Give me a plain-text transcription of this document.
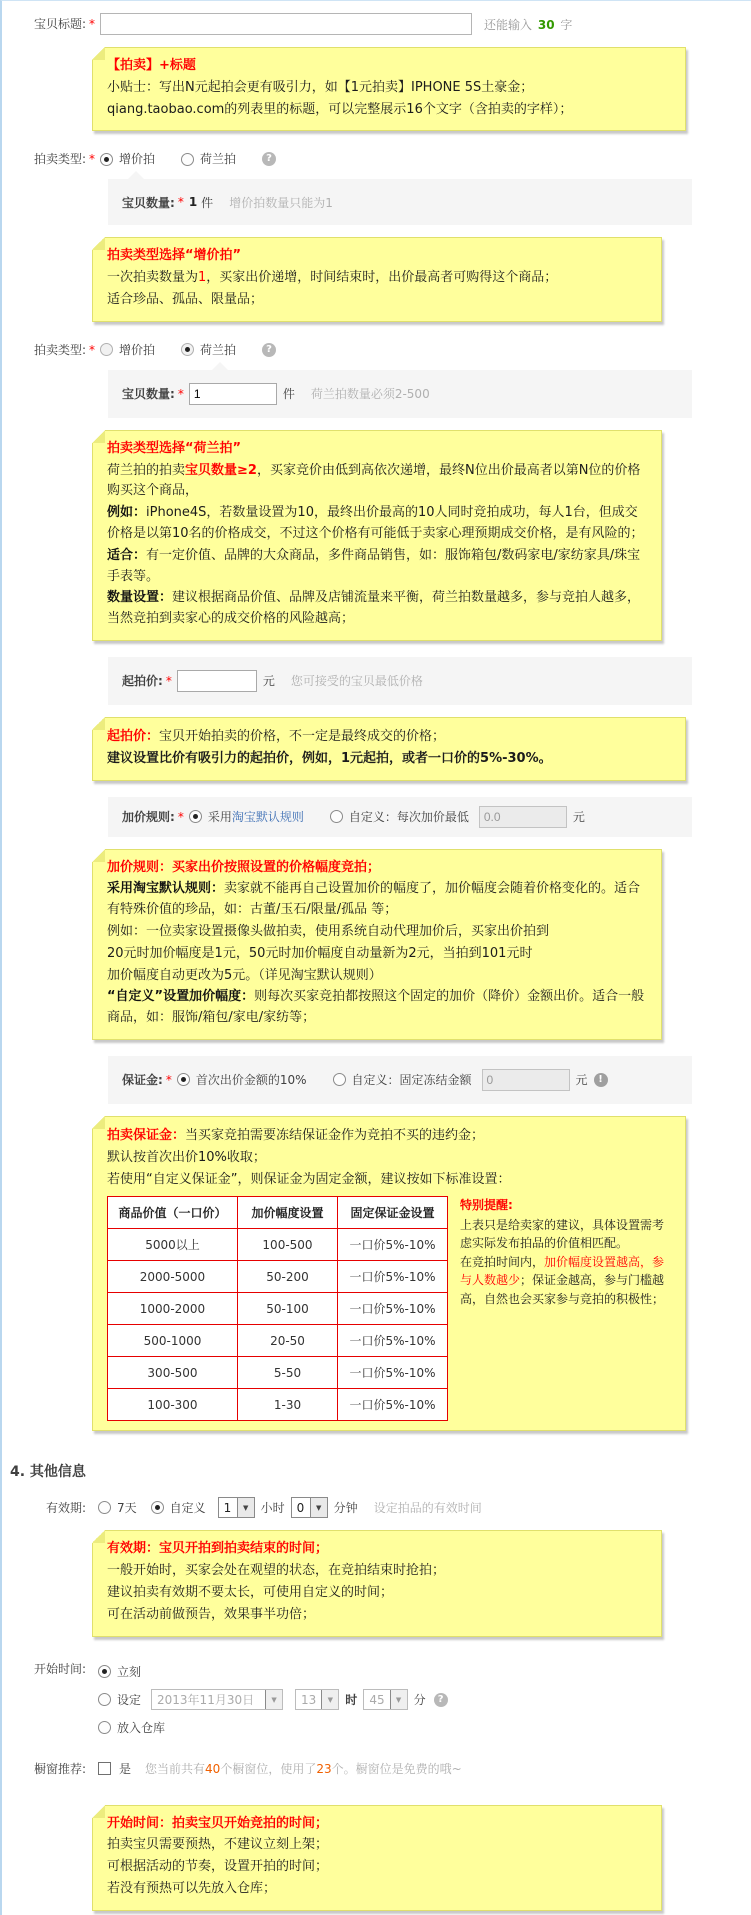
宝贝标题: *	还能输入 30 字
【拍卖】+标题

小贴士：写出N元起拍会更有吸引力，如【1元拍卖】IPHONE 5S土豪金；

qiang.taobao.com的列表里的标题，可以完整展示16个文字（含拍卖的字样）；

拍卖类型: *	增价拍	荷兰拍	?
宝贝数量: * 1 件 增价拍数量只能为1
拍卖类型选择“增价拍”

一次拍卖数量为1，买家出价递增，时间结束时，出价最高者可购得这个商品；

适合珍品、孤品、限量品；

拍卖类型: *	增价拍	荷兰拍	?
宝贝数量: *
1	件 荷兰拍数量必须2-500
拍卖类型选择“荷兰拍”

荷兰拍的拍卖宝贝数量≥2，买家竞价由低到高依次递增，最终N位出价最高者以第N位的价格购买这个商品，

例如：iPhone4S，若数量设置为10，最终出价最高的10人同时竞拍成功，每人1台，但成交价格是以第10名的价格成交，不过这个价格有可能低于卖家心理预期成交价格，是有风险的；

适合：有一定价值、品牌的大众商品，多件商品销售，如：服饰箱包/数码家电/家纺家具/珠宝手表等。

数量设置：建议根据商品价值、品牌及店铺流量来平衡，荷兰拍数量越多，参与竞拍人越多，当然竞拍到卖家心的成交价格的风险越高；

起拍价: *	元 您可接受的宝贝最低价格

起拍价：宝贝开始拍卖的价格，不一定是最终成交的价格；

建议设置比价有吸引力的起拍价，例如，1元起拍，或者一口价的5%-30%。

加价规则: *	采用淘宝默认规则	自定义：每次加价最低
0.0	元
加价规则：买家出价按照设置的价格幅度竞拍；

采用淘宝默认规则：卖家就不能再自己设置加价的幅度了，加价幅度会随着价格变化的。适合有特殊价值的珍品，如：古董/玉石/限量/孤品 等；

例如：一位卖家设置摄像头做拍卖，使用系统自动代理加价后，买家出价拍到

20元时加价幅度是1元，50元时加价幅度自动量新为2元，当拍到101元时

加价幅度自动更改为5元。（详见淘宝默认规则）

“自定义”设置加价幅度：则每次买家竞拍都按照这个固定的加价（降价）金额出价。适合一般商品，如：服饰/箱包/家电/家纺等；

保证金: *	首次出价金额的10%	自定义：固定冻结金额
0	元	!

拍卖保证金：当买家竞拍需要冻结保证金作为竞拍不买的违约金；

默认按首次出价10%收取；

若使用“自定义保证金”，则保证金为固定金额，建议按如下标准设置：

商品价值（一口价）	加价幅度设置	固定保证金设置
5000以上	100-500	一口价5%-10%
2000-5000	50-200	一口价5%-10%
1000-2000	50-100	一口价5%-10%
500-1000	20-50	一口价5%-10%
300-500	5-50	一口价5%-10%
100-300	1-30	一口价5%-10%
特别提醒:
上表只是给卖家的建议，具体设置需考虑实际发布拍品的价值相匹配。
在竞拍时间内，加价幅度设置越高，参与人数越少；保证金越高，参与门槛越高，自然也会买家参与竞拍的积极性；
4. 其他信息
有效期:	7天	自定义	1	▼	小时	0	▼	分钟 设定拍品的有效时间
有效期：宝贝开拍到拍卖结束的时间；

一般开始时，买家会处在观望的状态，在竞拍结束时抢拍；

建议拍卖有效期不要太长，可使用自定义的时间；

可在活动前做预告，效果事半功倍；

开始时间:	立刻
设定	2013年11月30日	▼	13	▼	时	45	▼	分	?
放入仓库
橱窗推荐:	是 您当前共有40个橱窗位，使用了23个。橱窗位是免费的哦~
开始时间：拍卖宝贝开始竞拍的时间；

拍卖宝贝需要预热，不建议立刻上架；

可根据活动的节奏，设置开拍的时间；

若没有预热可以先放入仓库；
